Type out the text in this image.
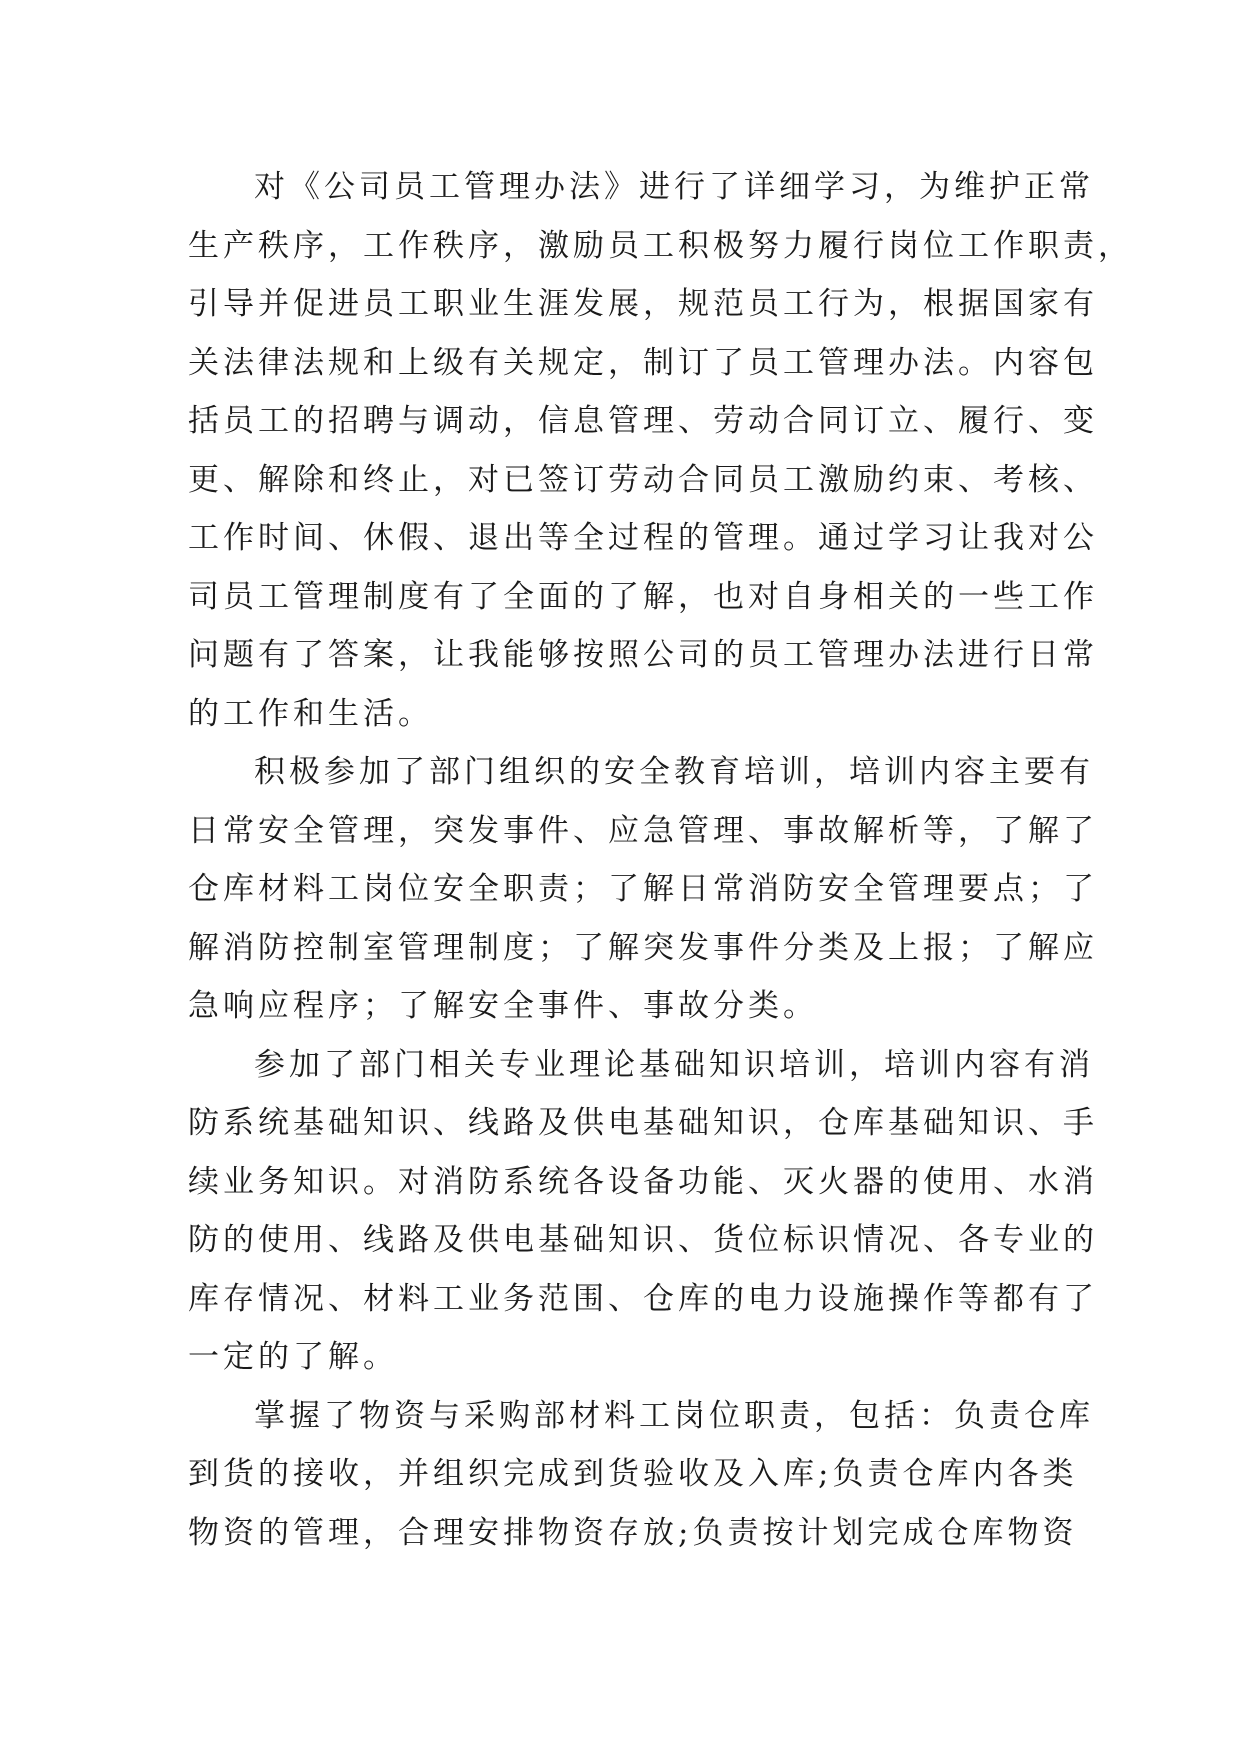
对《公司员工管理办法》进行了详细学习，为维护正常
生产秩序，工作秩序，激励员工积极努力履行岗位工作职责，
引导并促进员工职业生涯发展，规范员工行为，根据国家有
关法律法规和上级有关规定，制订了员工管理办法。内容包
括员工的招聘与调动，信息管理、劳动合同订立、履行、变
更、解除和终止，对已签订劳动合同员工激励约束、考核、
工作时间、休假、退出等全过程的管理。通过学习让我对公
司员工管理制度有了全面的了解，也对自身相关的一些工作
问题有了答案，让我能够按照公司的员工管理办法进行日常
的工作和生活。
积极参加了部门组织的安全教育培训，培训内容主要有
日常安全管理，突发事件、应急管理、事故解析等，了解了
仓库材料工岗位安全职责；了解日常消防安全管理要点；了
解消防控制室管理制度；了解突发事件分类及上报；了解应
急响应程序；了解安全事件、事故分类。
参加了部门相关专业理论基础知识培训，培训内容有消
防系统基础知识、线路及供电基础知识，仓库基础知识、手
续业务知识。对消防系统各设备功能、灭火器的使用、水消
防的使用、线路及供电基础知识、货位标识情况、各专业的
库存情况、材料工业务范围、仓库的电力设施操作等都有了
一定的了解。
掌握了物资与采购部材料工岗位职责，包括：负责仓库
到货的接收，并组织完成到货验收及入库;负责仓库内各类
物资的管理，合理安排物资存放;负责按计划完成仓库物资
